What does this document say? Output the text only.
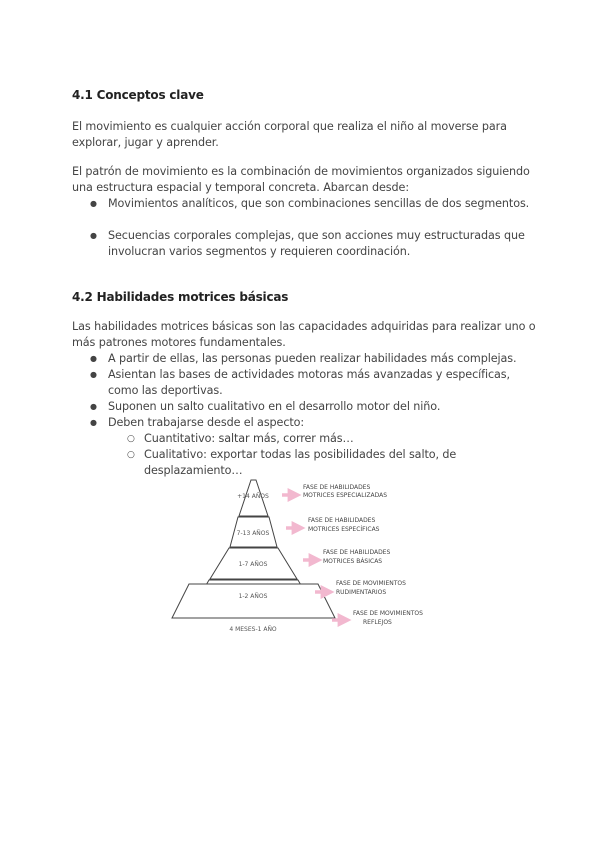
4.1 Conceptos clave
El movimiento es cualquier acción corporal que realiza el niño al moverse para explorar, jugar y aprender.
El patrón de movimiento es la combinación de movimientos organizados siguiendo una estructura espacial y temporal concreta. Abarcan desde:
● Movimientos analíticos, que son combinaciones sencillas de dos segmentos.
● Secuencias corporales complejas, que son acciones muy estructuradas que involucran varios segmentos y requieren coordinación.
4.2 Habilidades motrices básicas
Las habilidades motrices básicas son las capacidades adquiridas para realizar uno o más patrones motores fundamentales.
● A partir de ellas, las personas pueden realizar habilidades más complejas.
● Asientan las bases de actividades motoras más avanzadas y específicas, como las deportivas.
● Suponen un salto cualitativo en el desarrollo motor del niño.
● Deben trabajarse desde el aspecto:
○ Cuantitativo: saltar más, correr más…
○ Cualitativo: exportar todas las posibilidades del salto, de desplazamiento…
+14 AÑOS
7-13 AÑOS
1-7 AÑOS
1-2 AÑOS
4 MESES-1 AÑO
FASE DE HABILIDADES
MOTRICES ESPECIALIZADAS
FASE DE HABILIDADES
MOTRICES ESPECÍFICAS
FASE DE HABILIDADES
MOTRICES BÁSICAS
FASE DE MOVIMIENTOS
RUDIMENTARIOS
FASE DE MOVIMIENTOS
REFLEJOS
